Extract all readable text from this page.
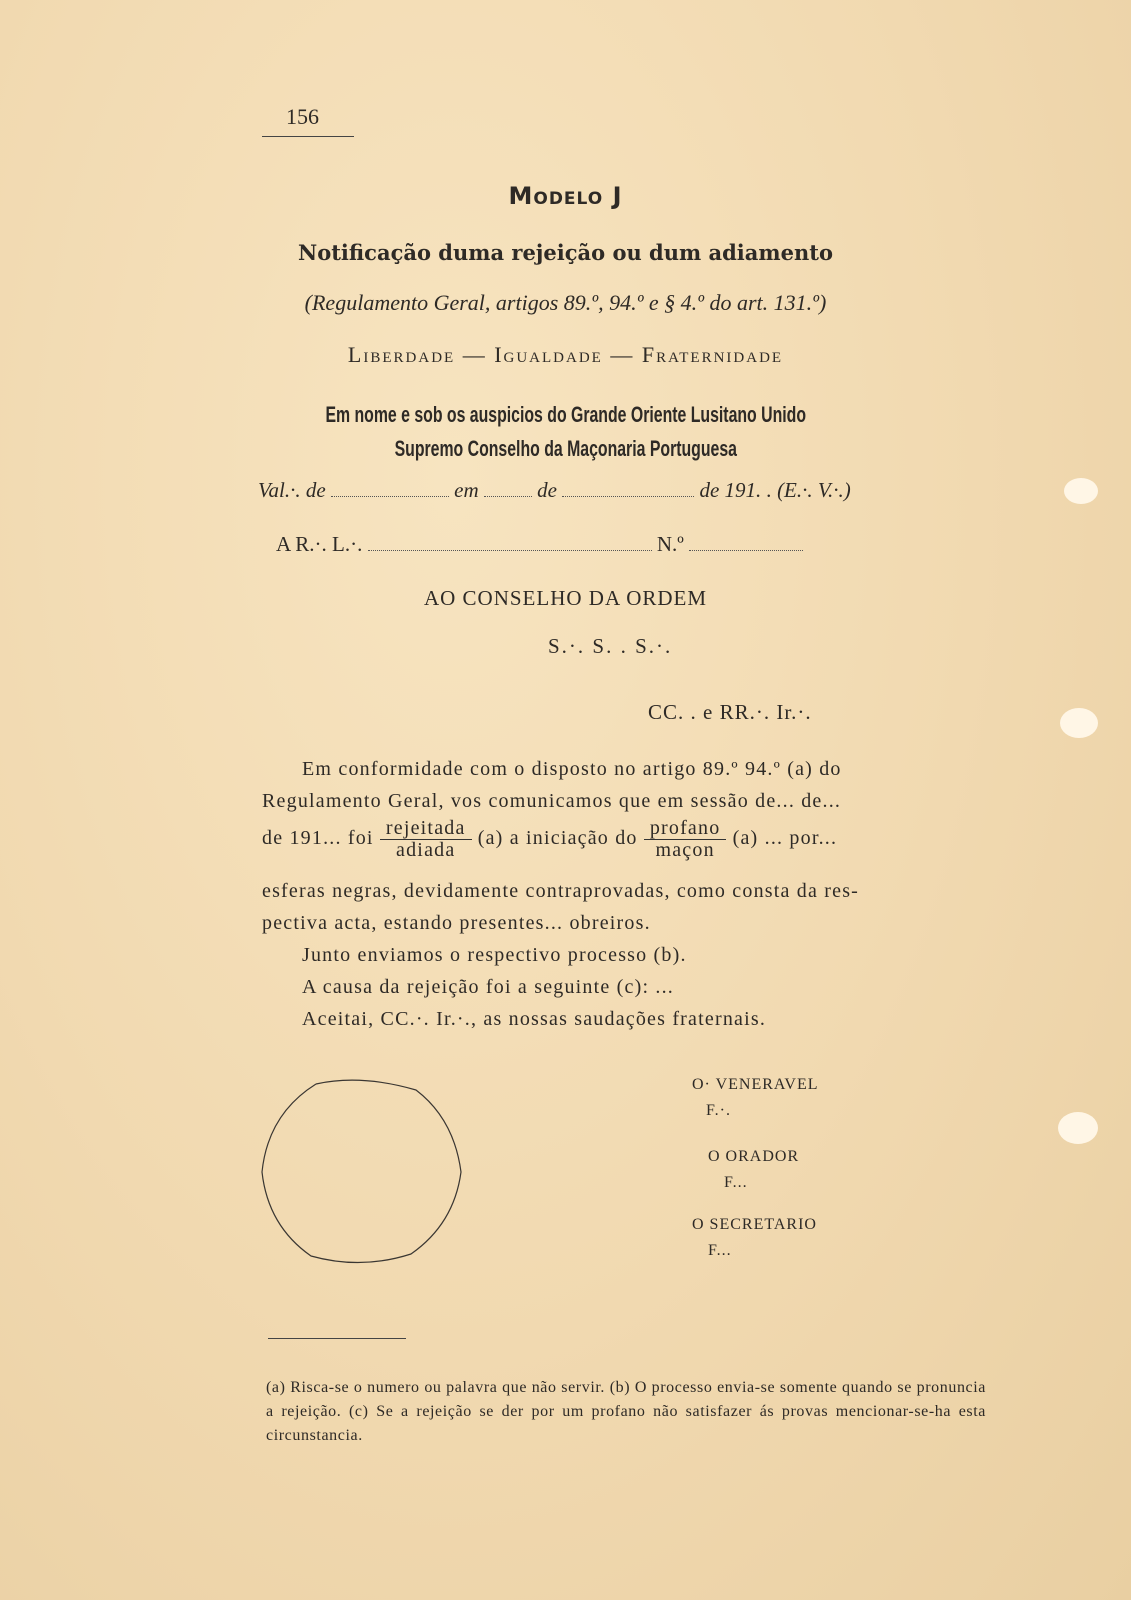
156
Modelo J
Notificação duma rejeição ou dum adiamento
(Regulamento Geral, artigos 89.º, 94.º e § 4.º do art. 131.º)
Liberdade — Igualdade — Fraternidade
Em nome e sob os auspicios do Grande Oriente Lusitano Unido
Supremo Conselho da Maçonaria Portuguesa
Val.·. de	em	de	de 191. . (E.·. V.·.)
A R.·. L.·.	N.º
AO CONSELHO DA ORDEM
S.·. S. . S.·.
CC. . e RR.·. Ir.·.
Em conformidade com o disposto no artigo 89.º 94.º (a) do
Regulamento Geral, vos comunicamos que em sessão de... de...
de 191... foi $\frac{\text{rejeitada}}{\text{adiada}} (a)$ a iniciação do $\frac{\text{profano}}{\text{maçon}} (a)$ ... por...
esferas negras, devidamente contraprovadas, como consta da res-
pectiva acta, estando presentes... obreiros.
Junto enviamos o respectivo processo (b).
A causa da rejeição foi a seguinte (c): ...
Aceitai, CC.·. Ir.·., as nossas saudações fraternais.
O· VENERAVEL
F.·.
O ORADOR
F...
O SECRETARIO
F...
(a) Risca-se o numero ou palavra que não servir. (b) O processo envia-se somente quando se pronuncia a rejeição. (c) Se a rejeição se der por um profano não satisfazer ás provas mencionar-se-ha esta circunstancia.
